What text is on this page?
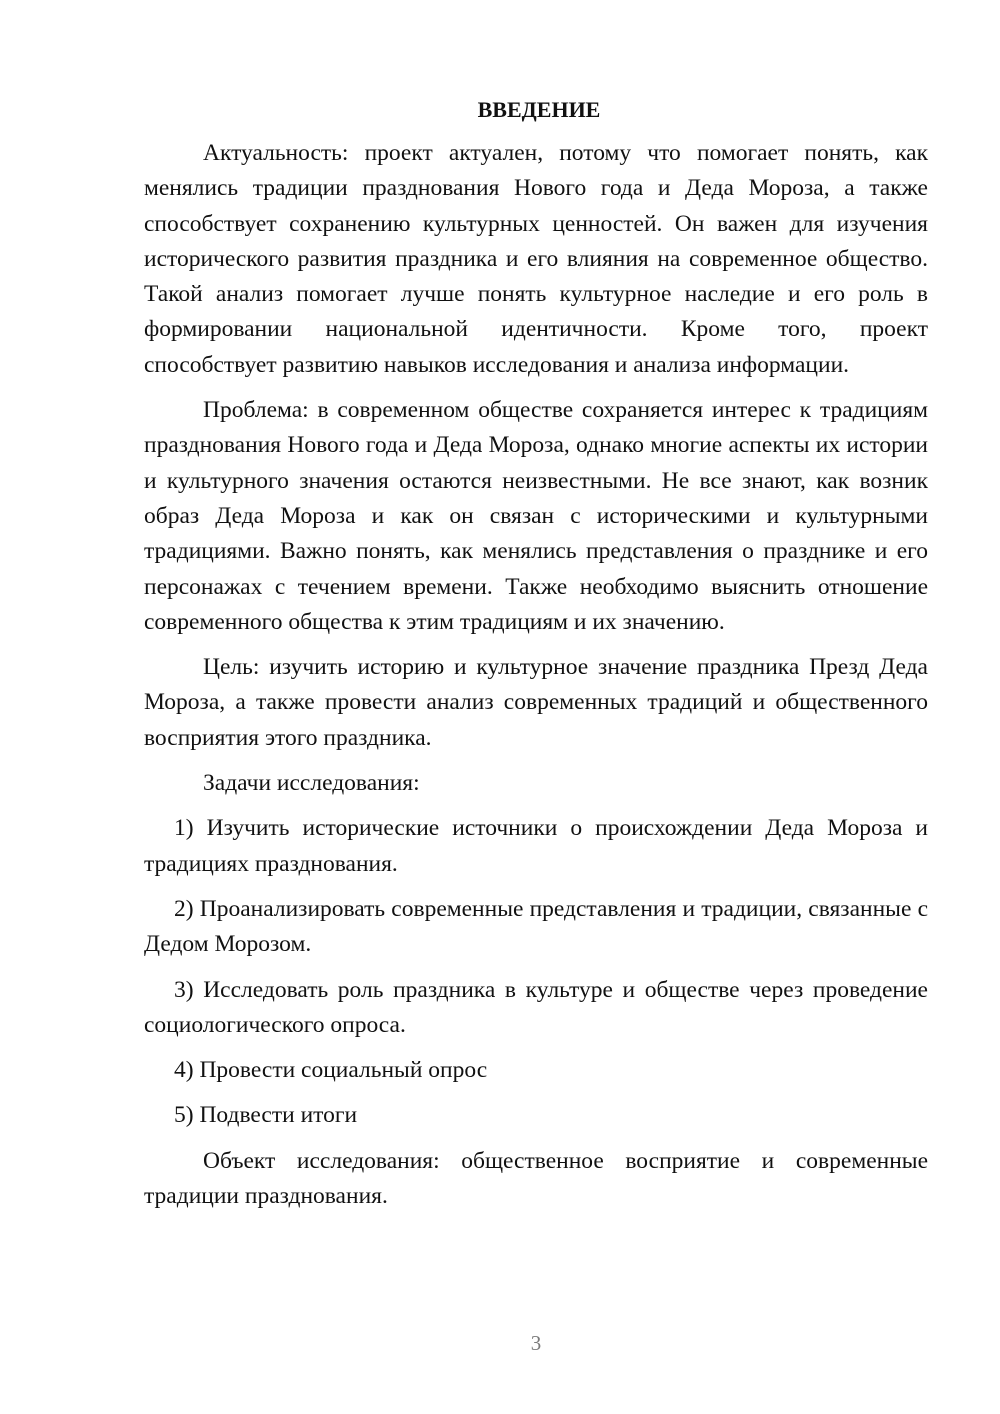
ВВЕДЕНИЕ

Актуальность: проект актуален, потому что помогает понять, как менялись традиции празднования Нового года и Деда Мороза, а также способствует сохранению культурных ценностей. Он важен для изучения исторического развития праздника и его влияния на современное общество. Такой анализ помогает лучше понять культурное наследие и его роль в формировании национальной идентичности. Кроме того, проект способствует развитию навыков исследования и анализа информации.

Проблема: в современном обществе сохраняется интерес к традициям празднования Нового года и Деда Мороза, однако многие аспекты их истории и культурного значения остаются неизвестными. Не все знают, как возник образ Деда Мороза и как он связан с историческими и культурными традициями. Важно понять, как менялись представления о празднике и его персонажах с течением времени. Также необходимо выяснить отношение современного общества к этим традициям и их значению.

Цель: изучить историю и культурное значение праздника Презд Деда Мороза, а также провести анализ современных традиций и общественного восприятия этого праздника.

Задачи исследования:

1) Изучить исторические источники о происхождении Деда Мороза и традициях празднования.

2) Проанализировать современные представления и традиции, связанные с Дедом Морозом.

3) Исследовать роль праздника в культуре и обществе через проведение социологического опроса.

4) Провести социальный опрос

5) Подвести итоги

Объект исследования: общественное восприятие и современные традиции празднования.

3
